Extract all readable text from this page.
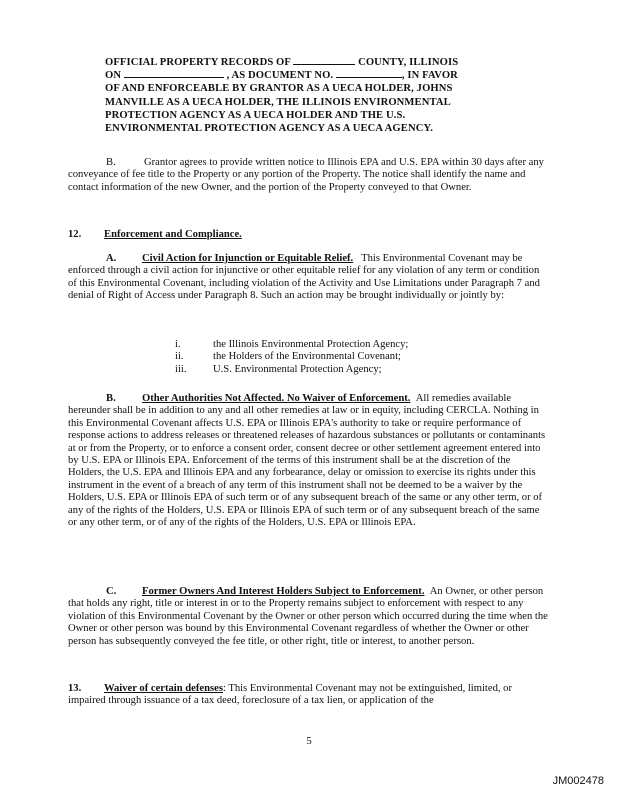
OFFICIAL PROPERTY RECORDS OF	COUNTY, ILLINOIS
ON	, AS DOCUMENT NO.	, IN FAVOR
OF AND ENFORCEABLE BY GRANTOR AS A UECA HOLDER, JOHNS
MANVILLE AS A UECA HOLDER, THE ILLINOIS ENVIRONMENTAL
PROTECTION AGENCY AS A UECA HOLDER AND THE U.S.
ENVIRONMENTAL PROTECTION AGENCY AS A UECA AGENCY.
B.	Grantor agrees to provide written notice to Illinois EPA and U.S. EPA within 30 days after any conveyance of fee title to the Property or any portion of the Property. The notice shall identify the name and contact information of the new Owner, and the portion of the Property conveyed to that Owner.
12. Enforcement and Compliance.
A. Civil Action for Injunction or Equitable Relief. This Environmental Covenant may be enforced through a civil action for injunctive or other equitable relief for any violation of any term or condition of this Environmental Covenant, including violation of the Activity and Use Limitations under Paragraph 7 and denial of Right of Access under Paragraph 8. Such an action may be brought individually or jointly by:
i.	the Illinois Environmental Protection Agency;
ii.	the Holders of the Environmental Covenant;
iii.	U.S. Environmental Protection Agency;
B. Other Authorities Not Affected. No Waiver of Enforcement. All remedies available hereunder shall be in addition to any and all other remedies at law or in equity, including CERCLA. Nothing in this Environmental Covenant affects U.S. EPA or Illinois EPA's authority to take or require performance of response actions to address releases or threatened releases of hazardous substances or pollutants or contaminants at or from the Property, or to enforce a consent order, consent decree or other settlement agreement entered into by U.S. EPA or Illinois EPA. Enforcement of the terms of this instrument shall be at the discretion of the Holders, the U.S. EPA and Illinois EPA and any forbearance, delay or omission to exercise its rights under this instrument in the event of a breach of any term of this instrument shall not be deemed to be a waiver by the Holders, U.S. EPA or Illinois EPA of such term or of any subsequent breach of the same or any other term, or of any of the rights of the Holders, U.S. EPA or Illinois EPA of such term or of any subsequent breach of the same or any other term, or of any of the rights of the Holders, U.S. EPA or Illinois EPA.
C. Former Owners And Interest Holders Subject to Enforcement. An Owner, or other person that holds any right, title or interest in or to the Property remains subject to enforcement with respect to any violation of this Environmental Covenant by the Owner or other person which occurred during the time when the Owner or other person was bound by this Environmental Covenant regardless of whether the Owner or other person has subsequently conveyed the fee title, or other right, title or interest, to another person.
13. Waiver of certain defenses: This Environmental Covenant may not be extinguished, limited, or impaired through issuance of a tax deed, foreclosure of a tax lien, or application of the
5
JM002478
